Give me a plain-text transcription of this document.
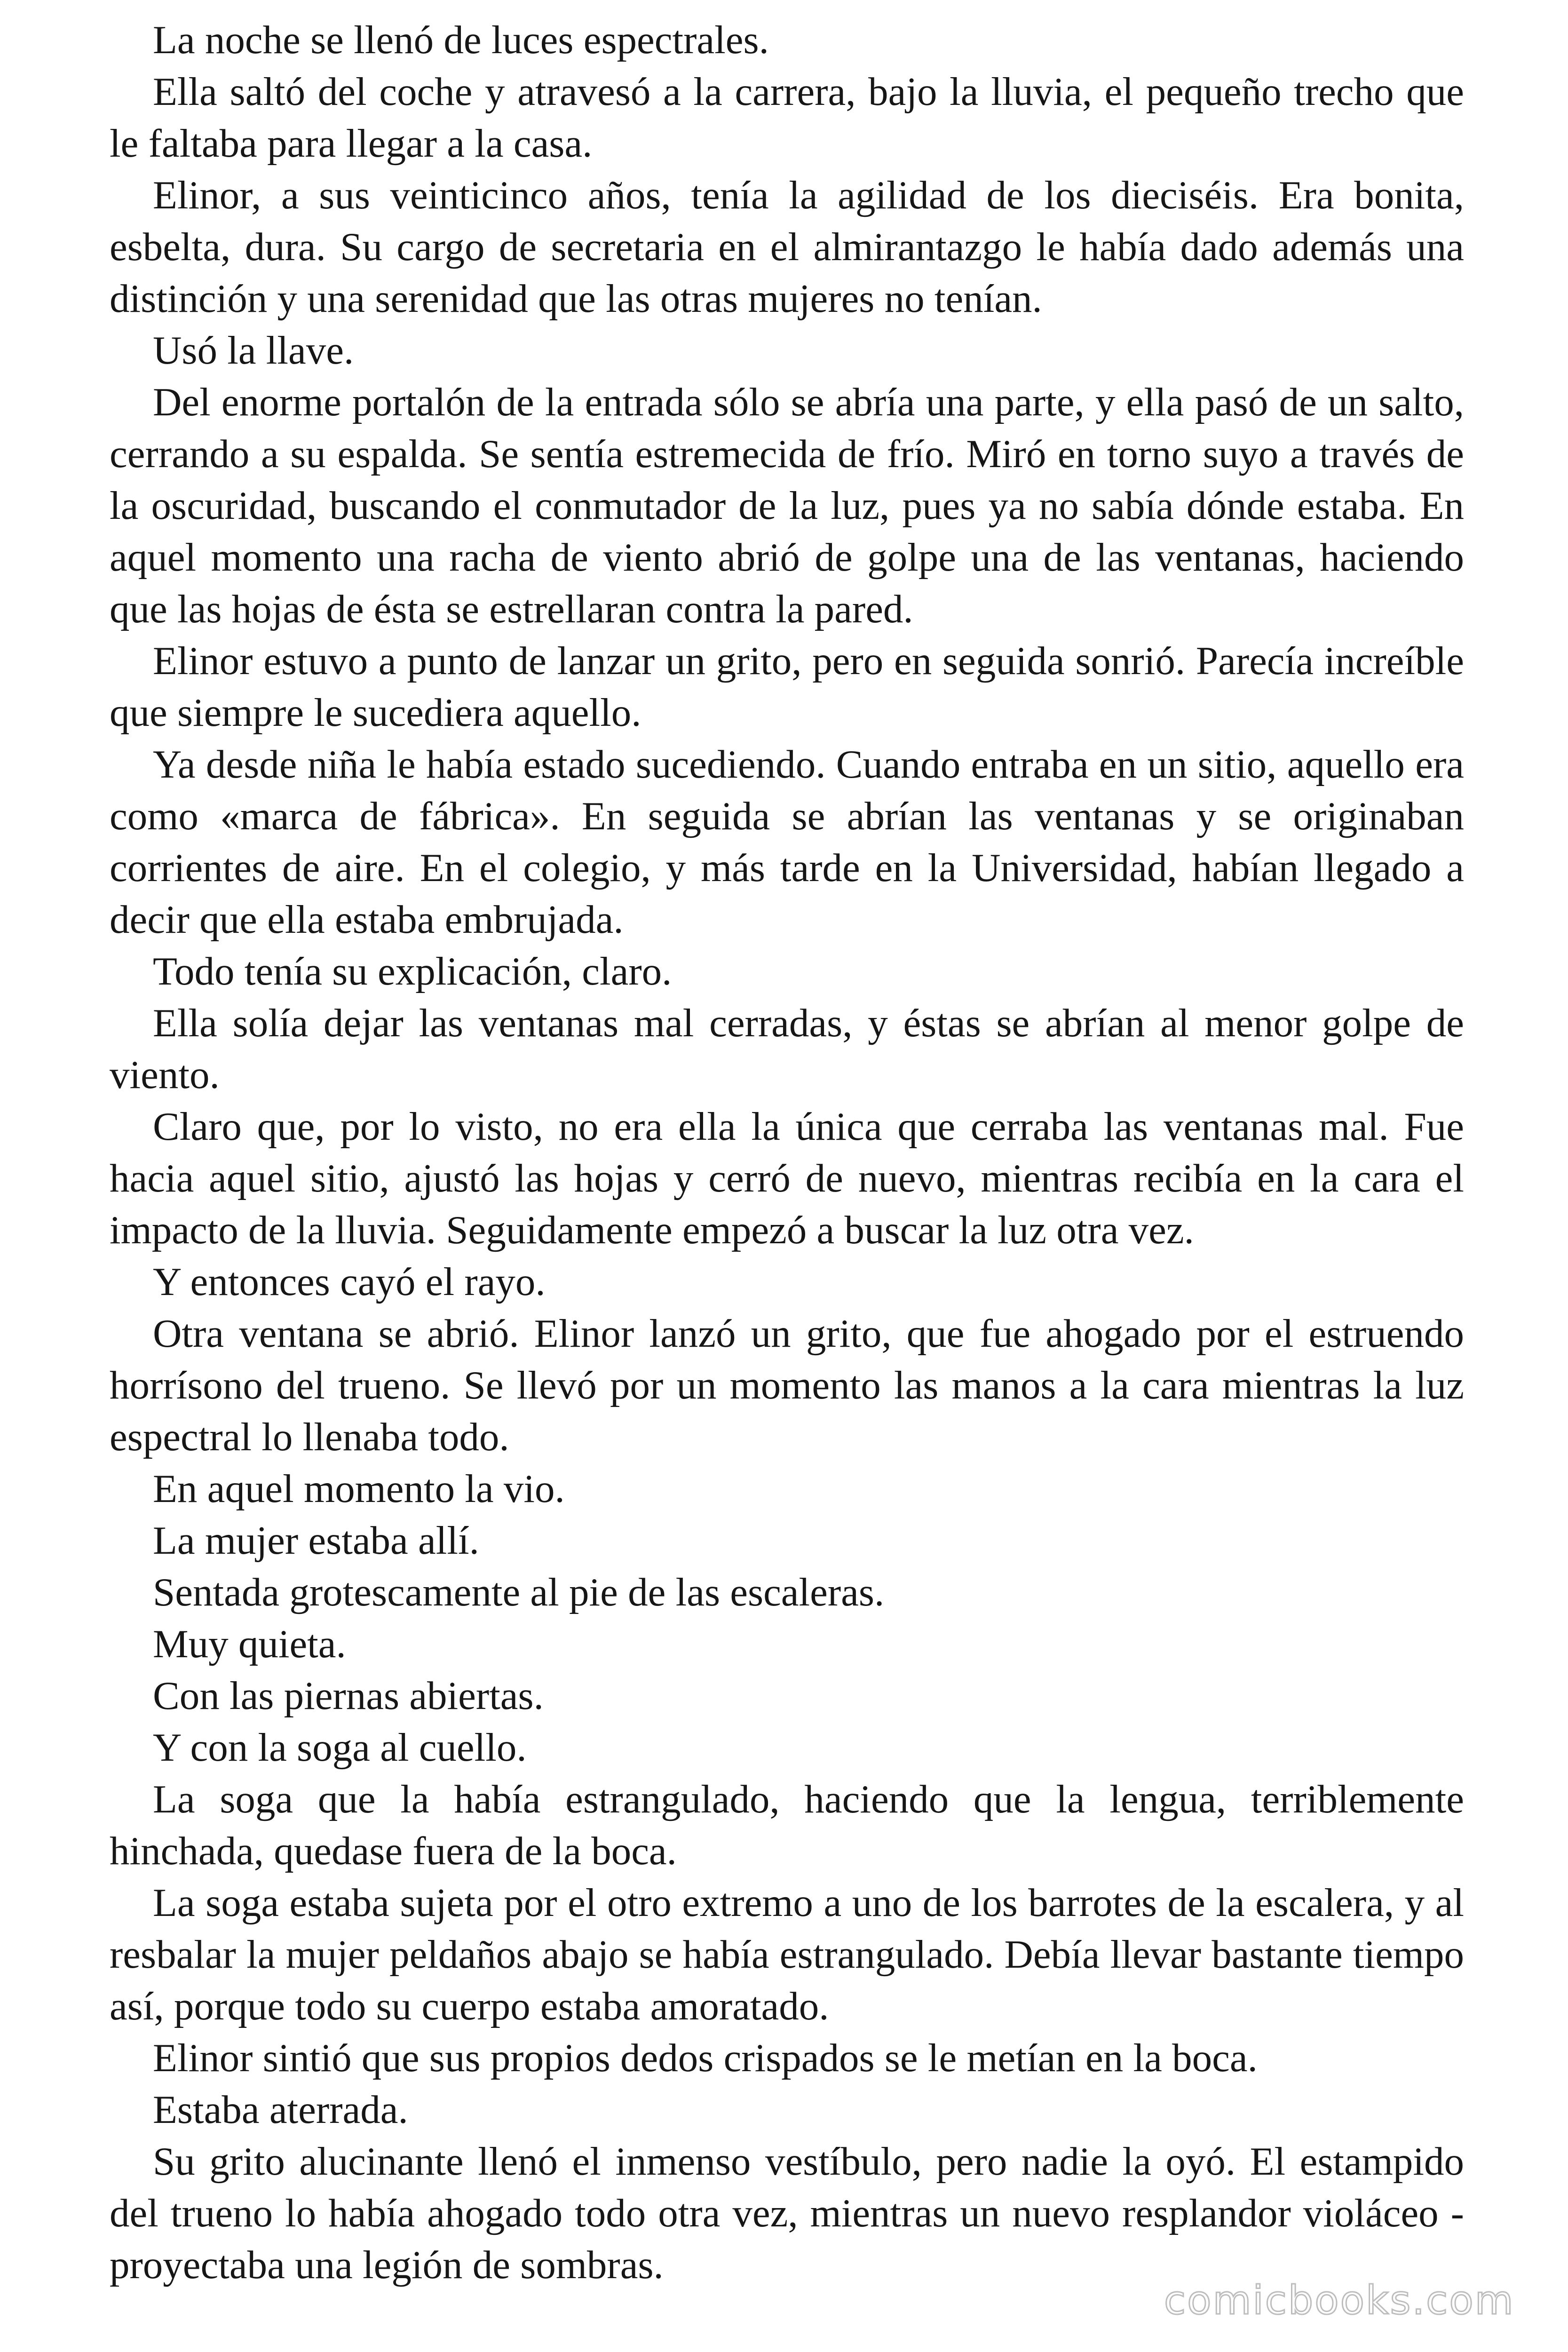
La noche se llenó de luces espectrales.

Ella saltó del coche y atravesó a la carrera, bajo la lluvia, el pequeño trecho que le faltaba para llegar a la casa.

Elinor, a sus veinticinco años, tenía la agilidad de los dieciséis. Era bonita, esbelta, dura. Su cargo de secretaria en el almirantazgo le había dado además una distinción y una serenidad que las otras mujeres no tenían.

Usó la llave.

Del enorme portalón de la entrada sólo se abría una parte, y ella pasó de un salto, cerrando a su espalda. Se sentía estremecida de frío. Miró en torno suyo a través de la oscuridad, buscando el conmutador de la luz, pues ya no sabía dónde estaba. En aquel momento una racha de viento abrió de golpe una de las ventanas, haciendo que las hojas de ésta se estrellaran contra la pared.

Elinor estuvo a punto de lanzar un grito, pero en seguida sonrió. Parecía increíble que siempre le sucediera aquello.

Ya desde niña le había estado sucediendo. Cuando entraba en un sitio, aquello era como «marca de fábrica». En seguida se abrían las ventanas y se originaban corrientes de aire. En el colegio, y más tarde en la Universidad, habían llegado a decir que ella estaba embrujada.

Todo tenía su explicación, claro.

Ella solía dejar las ventanas mal cerradas, y éstas se abrían al menor golpe de viento.

Claro que, por lo visto, no era ella la única que cerraba las ventanas mal. Fue hacia aquel sitio, ajustó las hojas y cerró de nuevo, mientras recibía en la cara el impacto de la lluvia. Seguidamente empezó a buscar la luz otra vez.

Y entonces cayó el rayo.

Otra ventana se abrió. Elinor lanzó un grito, que fue ahogado por el estruendo horrísono del trueno. Se llevó por un momento las manos a la cara mientras la luz espectral lo llenaba todo.

En aquel momento la vio.

La mujer estaba allí.

Sentada grotescamente al pie de las escaleras.

Muy quieta.

Con las piernas abiertas.

Y con la soga al cuello.

La soga que la había estrangulado, haciendo que la lengua, terriblemente hinchada, quedase fuera de la boca.

La soga estaba sujeta por el otro extremo a uno de los barrotes de la escalera, y al resbalar la mujer peldaños abajo se había estrangulado. Debía llevar bastante tiempo así, porque todo su cuerpo estaba amoratado.

Elinor sintió que sus propios dedos crispados se le metían en la boca.

Estaba aterrada.

Su grito alucinante llenó el inmenso vestíbulo, pero nadie la oyó. El estampido del trueno lo había ahogado todo otra vez, mientras un nuevo resplandor violáceo -proyectaba una legión de sombras.

comicbooks.com
